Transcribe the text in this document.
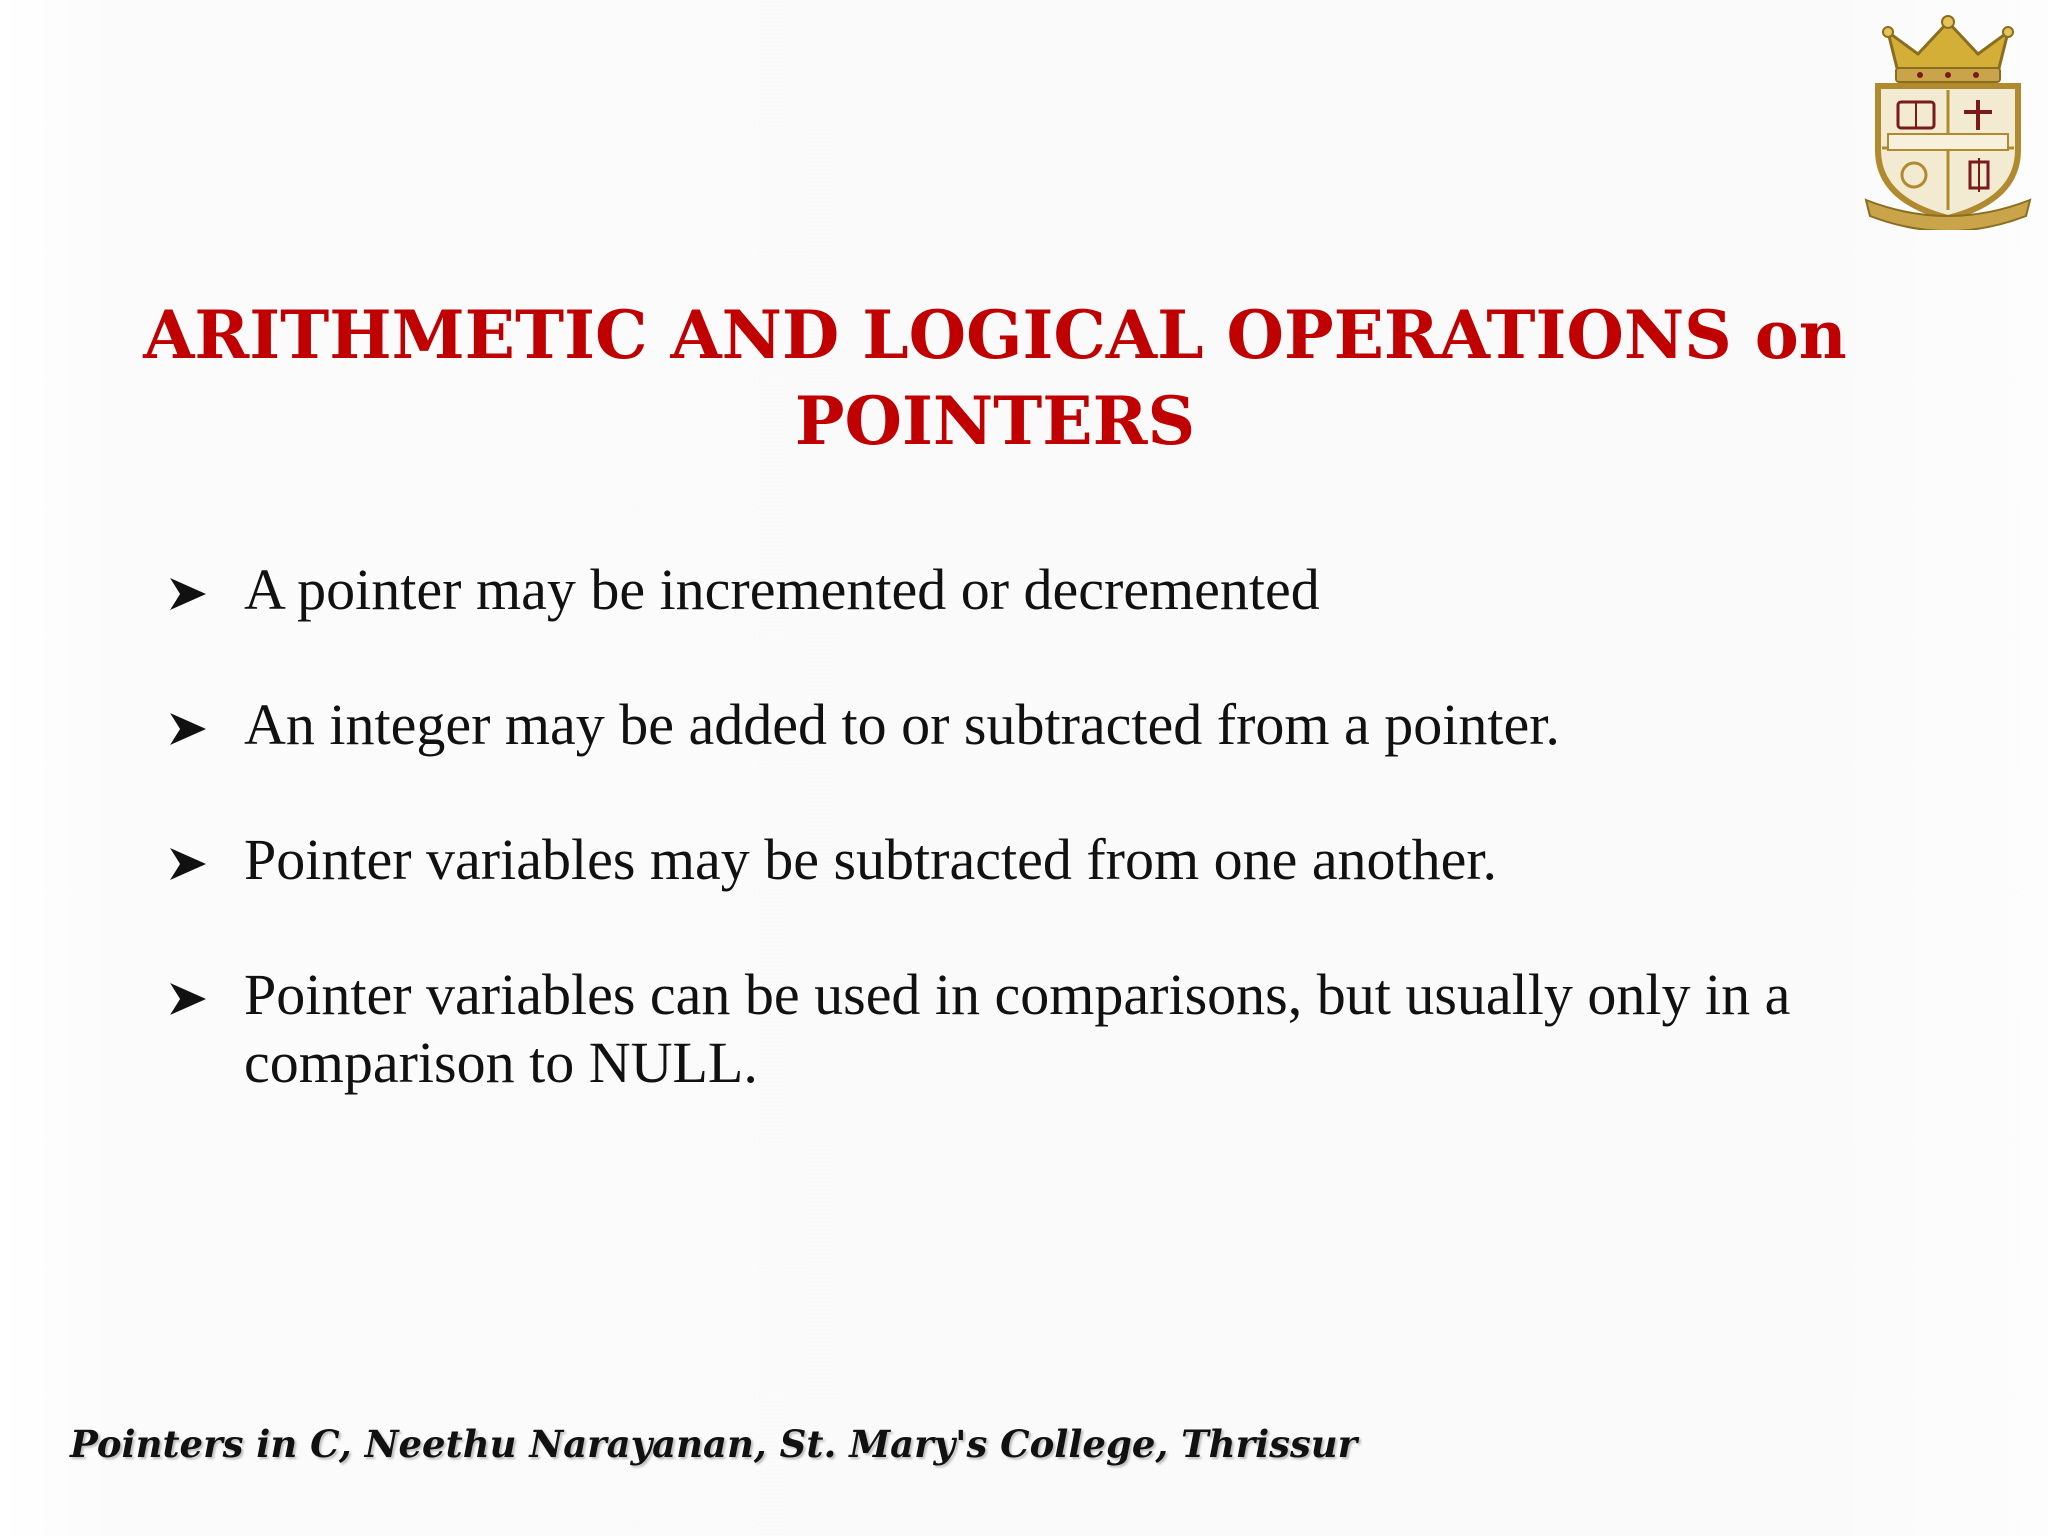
ARITHMETIC AND LOGICAL OPERATIONS on
POINTERS
A pointer may be incremented or decremented
An integer may be added to or subtracted from a pointer.
Pointer variables may be subtracted from one another.
Pointer variables can be used in comparisons, but usually only in a comparison to NULL.
Pointers in C, Neethu Narayanan, St. Mary's College, Thrissur
